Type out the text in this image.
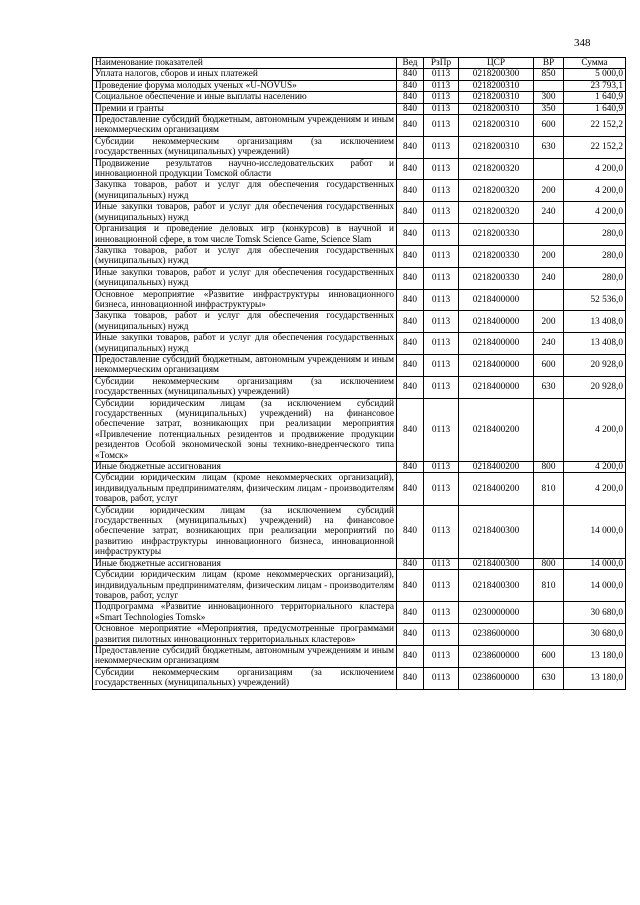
348
Наименование показателей	Вед	РзПр	ЦСР	ВР	Сумма
Уплата налогов, сборов и иных платежей	840	0113	0218200300	850	5 000,0
Проведение форума молодых ученых «U-NOVUS»	840	0113	0218200310		23 793,1
Социальное обеспечение и иные выплаты населению	840	0113	0218200310	300	1 640,9
Премии и гранты	840	0113	0218200310	350	1 640,9
Предоставление субсидий бюджетным, автономным учреждениям и иным некоммерческим организациям	840	0113	0218200310	600	22 152,2
Субсидии некоммерческим организациям (за исключением государственных (муниципальных) учреждений)	840	0113	0218200310	630	22 152,2
Продвижение результатов научно-исследовательских работ и инновационной продукции Томской области	840	0113	0218200320		4 200,0
Закупка товаров, работ и услуг для обеспечения государственных (муниципальных) нужд	840	0113	0218200320	200	4 200,0
Иные закупки товаров, работ и услуг для обеспечения государственных (муниципальных) нужд	840	0113	0218200320	240	4 200,0
Организация и проведение деловых игр (конкурсов) в научной и инновационной сфере, в том числе Tomsk Science Game, Science Slam	840	0113	0218200330		280,0
Закупка товаров, работ и услуг для обеспечения государственных (муниципальных) нужд	840	0113	0218200330	200	280,0
Иные закупки товаров, работ и услуг для обеспечения государственных (муниципальных) нужд	840	0113	0218200330	240	280,0
Основное мероприятие «Развитие инфраструктуры инновационного бизнеса, инновационной инфраструктуры»	840	0113	0218400000		52 536,0
Закупка товаров, работ и услуг для обеспечения государственных (муниципальных) нужд	840	0113	0218400000	200	13 408,0
Иные закупки товаров, работ и услуг для обеспечения государственных (муниципальных) нужд	840	0113	0218400000	240	13 408,0
Предоставление субсидий бюджетным, автономным учреждениям и иным некоммерческим организациям	840	0113	0218400000	600	20 928,0
Субсидии некоммерческим организациям (за исключением государственных (муниципальных) учреждений)	840	0113	0218400000	630	20 928,0
Субсидии юридическим лицам (за исключением субсидий государственных (муниципальных) учреждений) на финансовое обеспечение затрат, возникающих при реализации мероприятия «Привлечение потенциальных резидентов и продвижение продукции резидентов Особой экономической зоны технико-внедренческого типа «Томск»	840	0113	0218400200		4 200,0
Иные бюджетные ассигнования	840	0113	0218400200	800	4 200,0
Субсидии юридическим лицам (кроме некоммерческих организаций), индивидуальным предпринимателям, физическим лицам - производителям товаров, работ, услуг	840	0113	0218400200	810	4 200,0
Субсидии юридическим лицам (за исключением субсидий государственных (муниципальных) учреждений) на финансовое обеспечение затрат, возникающих при реализации мероприятий по развитию инфраструктуры инновационного бизнеса, инновационной инфраструктуры	840	0113	0218400300		14 000,0
Иные бюджетные ассигнования	840	0113	0218400300	800	14 000,0
Субсидии юридическим лицам (кроме некоммерческих организаций), индивидуальным предпринимателям, физическим лицам - производителям товаров, работ, услуг	840	0113	0218400300	810	14 000,0
Подпрограмма «Развитие инновационного территориального кластера «Smart Technologies Tomsk»	840	0113	0230000000		30 680,0
Основное мероприятие «Мероприятия, предусмотренные программами развития пилотных инновационных территориальных кластеров»	840	0113	0238600000		30 680,0
Предоставление субсидий бюджетным, автономным учреждениям и иным некоммерческим организациям	840	0113	0238600000	600	13 180,0
Субсидии некоммерческим организациям (за исключением государственных (муниципальных) учреждений)	840	0113	0238600000	630	13 180,0
